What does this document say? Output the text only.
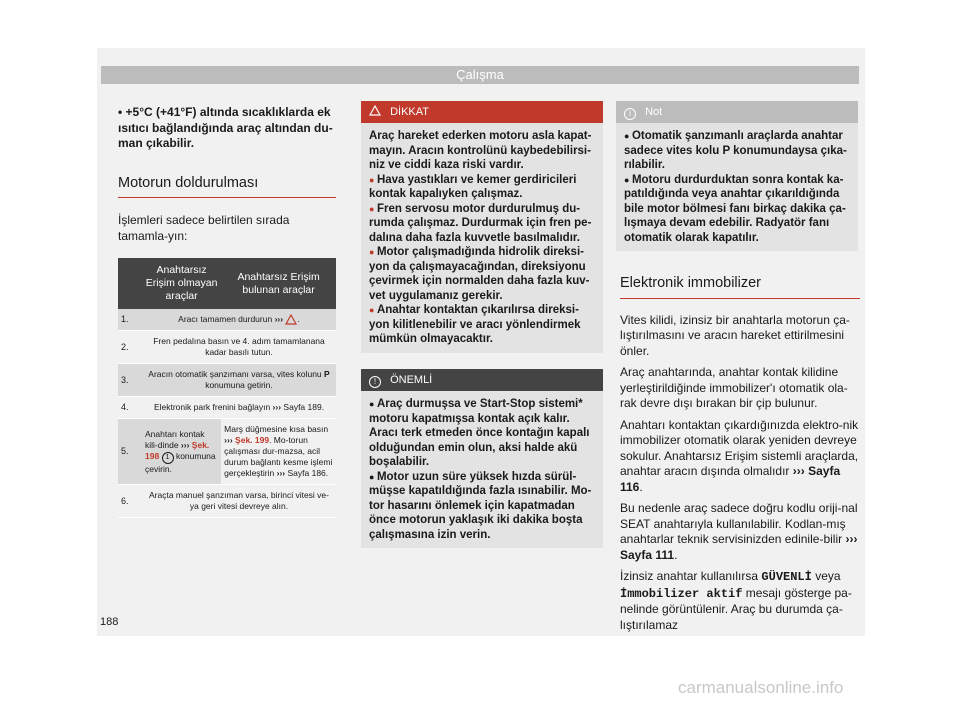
Çalışma

• +5°C (+41°F) altında sıcaklıklarda ek ısıtıcı bağlandığında araç altından du-man çıkabilir.

Motorun doldurulması

İşlemleri sadece belirtilen sırada tamamla-yın:

	Anahtarsız Erişim olmayan araçlar	Anahtarsız Erişim bulunan araçlar
1.	Aracı tamamen durdurun ››› .	
2.	Fren pedalına basın ve 4. adım tamamlanana kadar basılı tutun.	
3.	Aracın otomatik şanzımanı varsa, vites kolunu P konumuna getirin.	
4.	Elektronik park frenini bağlayın ››› Sayfa 189.	
5.	Anahtarı kontak kili-dinde ››› Şek. 198 1 konumuna çevirin.	Marş düğmesine kısa basın ››› Şek. 199. Mo-torun çalışması dur-mazsa, acil durum bağlantı kesme işlemi gerçekleştirin ››› Sayfa 186.
6.	Araçta manuel şanzıman varsa, birinci vitesi ve-ya geri vitesi devreye alın.	
DİKKAT

Araç hareket ederken motoru asla kapat-mayın. Aracın kontrolünü kaybedebilirsi-niz ve ciddi kaza riski vardır.

● Hava yastıkları ve kemer gerdiricileri kontak kapalıyken çalışmaz.

● Fren servosu motor durdurulmuş du-rumda çalışmaz. Durdurmak için fren pe-dalına daha fazla kuvvetle basılmalıdır.

● Motor çalışmadığında hidrolik direksi-yon da çalışmayacağından, direksiyonu çevirmek için normalden daha fazla kuv-vet uygulamanız gerekir.

● Anahtar kontaktan çıkarılırsa direksi-yon kilitlenebilir ve aracı yönlendirmek mümkün olmayacaktır.

! ÖNEMLİ

● Araç durmuşsa ve Start-Stop sistemi* motoru kapatmışsa kontak açık kalır. Aracı terk etmeden önce kontağın kapalı olduğundan emin olun, aksi halde akü boşalabilir.

● Motor uzun süre yüksek hızda sürül-müşse kapatıldığında fazla ısınabilir. Mo-tor hasarını önlemek için kapatmadan önce motorun yaklaşık iki dakika boşta çalışmasına izin verin.

i Not

● Otomatik şanzımanlı araçlarda anahtar sadece vites kolu P konumundaysa çıka-rılabilir.

● Motoru durdurduktan sonra kontak ka-patıldığında veya anahtar çıkarıldığında bile motor bölmesi fanı birkaç dakika ça-lışmaya devam edebilir. Radyatör fanı otomatik olarak kapatılır.

Elektronik immobilizer

Vites kilidi, izinsiz bir anahtarla motorun ça-lıştırılmasını ve aracın hareket ettirilmesini önler.

Araç anahtarında, anahtar kontak kilidine yerleştirildiğinde immobilizer'ı otomatik ola-rak devre dışı bırakan bir çip bulunur.

Anahtarı kontaktan çıkardığınızda elektro-nik immobilizer otomatik olarak yeniden devreye sokulur. Anahtarsız Erişim sistemli araçlarda, anahtar aracın dışında olmalıdır ››› Sayfa 116.

Bu nedenle araç sadece doğru kodlu oriji-nal SEAT anahtarıyla kullanılabilir. Kodlan-mış anahtarlar teknik servisinizden edinile-bilir ››› Sayfa 111.

İzinsiz anahtar kullanılırsa GÜVENLİ veya İmmobilizer aktif mesajı gösterge pa-nelinde görüntülenir. Araç bu durumda ça-lıştırılamaz

188
carmanualsonline.info
